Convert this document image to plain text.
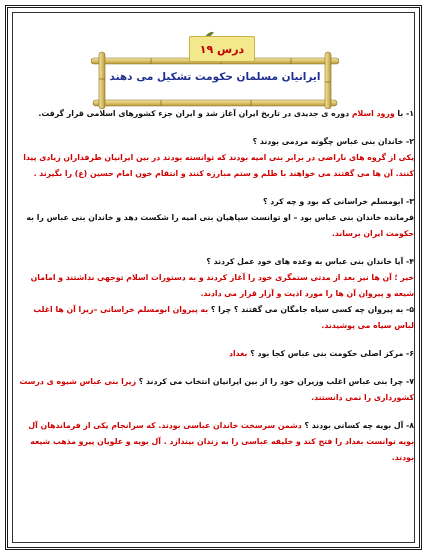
درس ۱۹
ایرانیان مسلمان حکومت تشکیل می دهند
۱- با ورود اسلام دوره ی جدیدی در تاریخ ایران آغاز شد و ایران جزء کشورهای اسلامی قرار گرفت.
۲- خاندان بنی عباس چگونه مردمی بودند ؟
یکی از گروه های ناراضی در برابر بنی امیه بودند که توانسته بودند در بین ایرانیان طرفداران زیادی پیدا
کنند. آن ها می گفتند می خواهند با ظلم و ستم مبارزه کنند و انتقام خون امام حسین (ع) را بگیرند .
۳- ابومسلم خراسانی که بود و چه کرد ؟
فرمانده خاندان بنی عباس بود – او توانست سپاهیان بنی امیه را شکست دهد و خاندان بنی عباس را به
حکومت ایران برساند.
۴- آیا خاندان بنی عباس به وعده های خود عمل کردند ؟
خیر ؛ آن ها نیز بعد از مدتی ستمگری خود را آغاز کردند و به دستورات اسلام توجهی نداشتند و امامان
شیعه و پیروان آن ها را مورد اذیت و آزار قرار می دادند.
۵- به پیروان چه کسی سیاه جامگان می گفتند ؟ چرا ؟ به پیروان ابومسلم خراسانی –زیرا آن ها اغلب
لباس سیاه می پوشیدند.
۶- مرکز اصلی حکومت بنی عباس کجا بود ؟ بغداد
۷- چرا بنی عباس اغلب وزیران خود را از بین ایرانیان انتخاب می کردند ؟ زیرا بنی عباس شیوه ی درست
کشورداری را نمی دانستند.
۸- آل بویه چه کسانی بودند ؟ دشمن سرسخت خاندان عباسی بودند. که سرانجام یکی از فرماندهان آل
بویه توانست بغداد را فتح کند و خلیفه عباسی را به زندان بیندازد . آل بویه و علویان پیرو مذهب شیعه
بودند.
